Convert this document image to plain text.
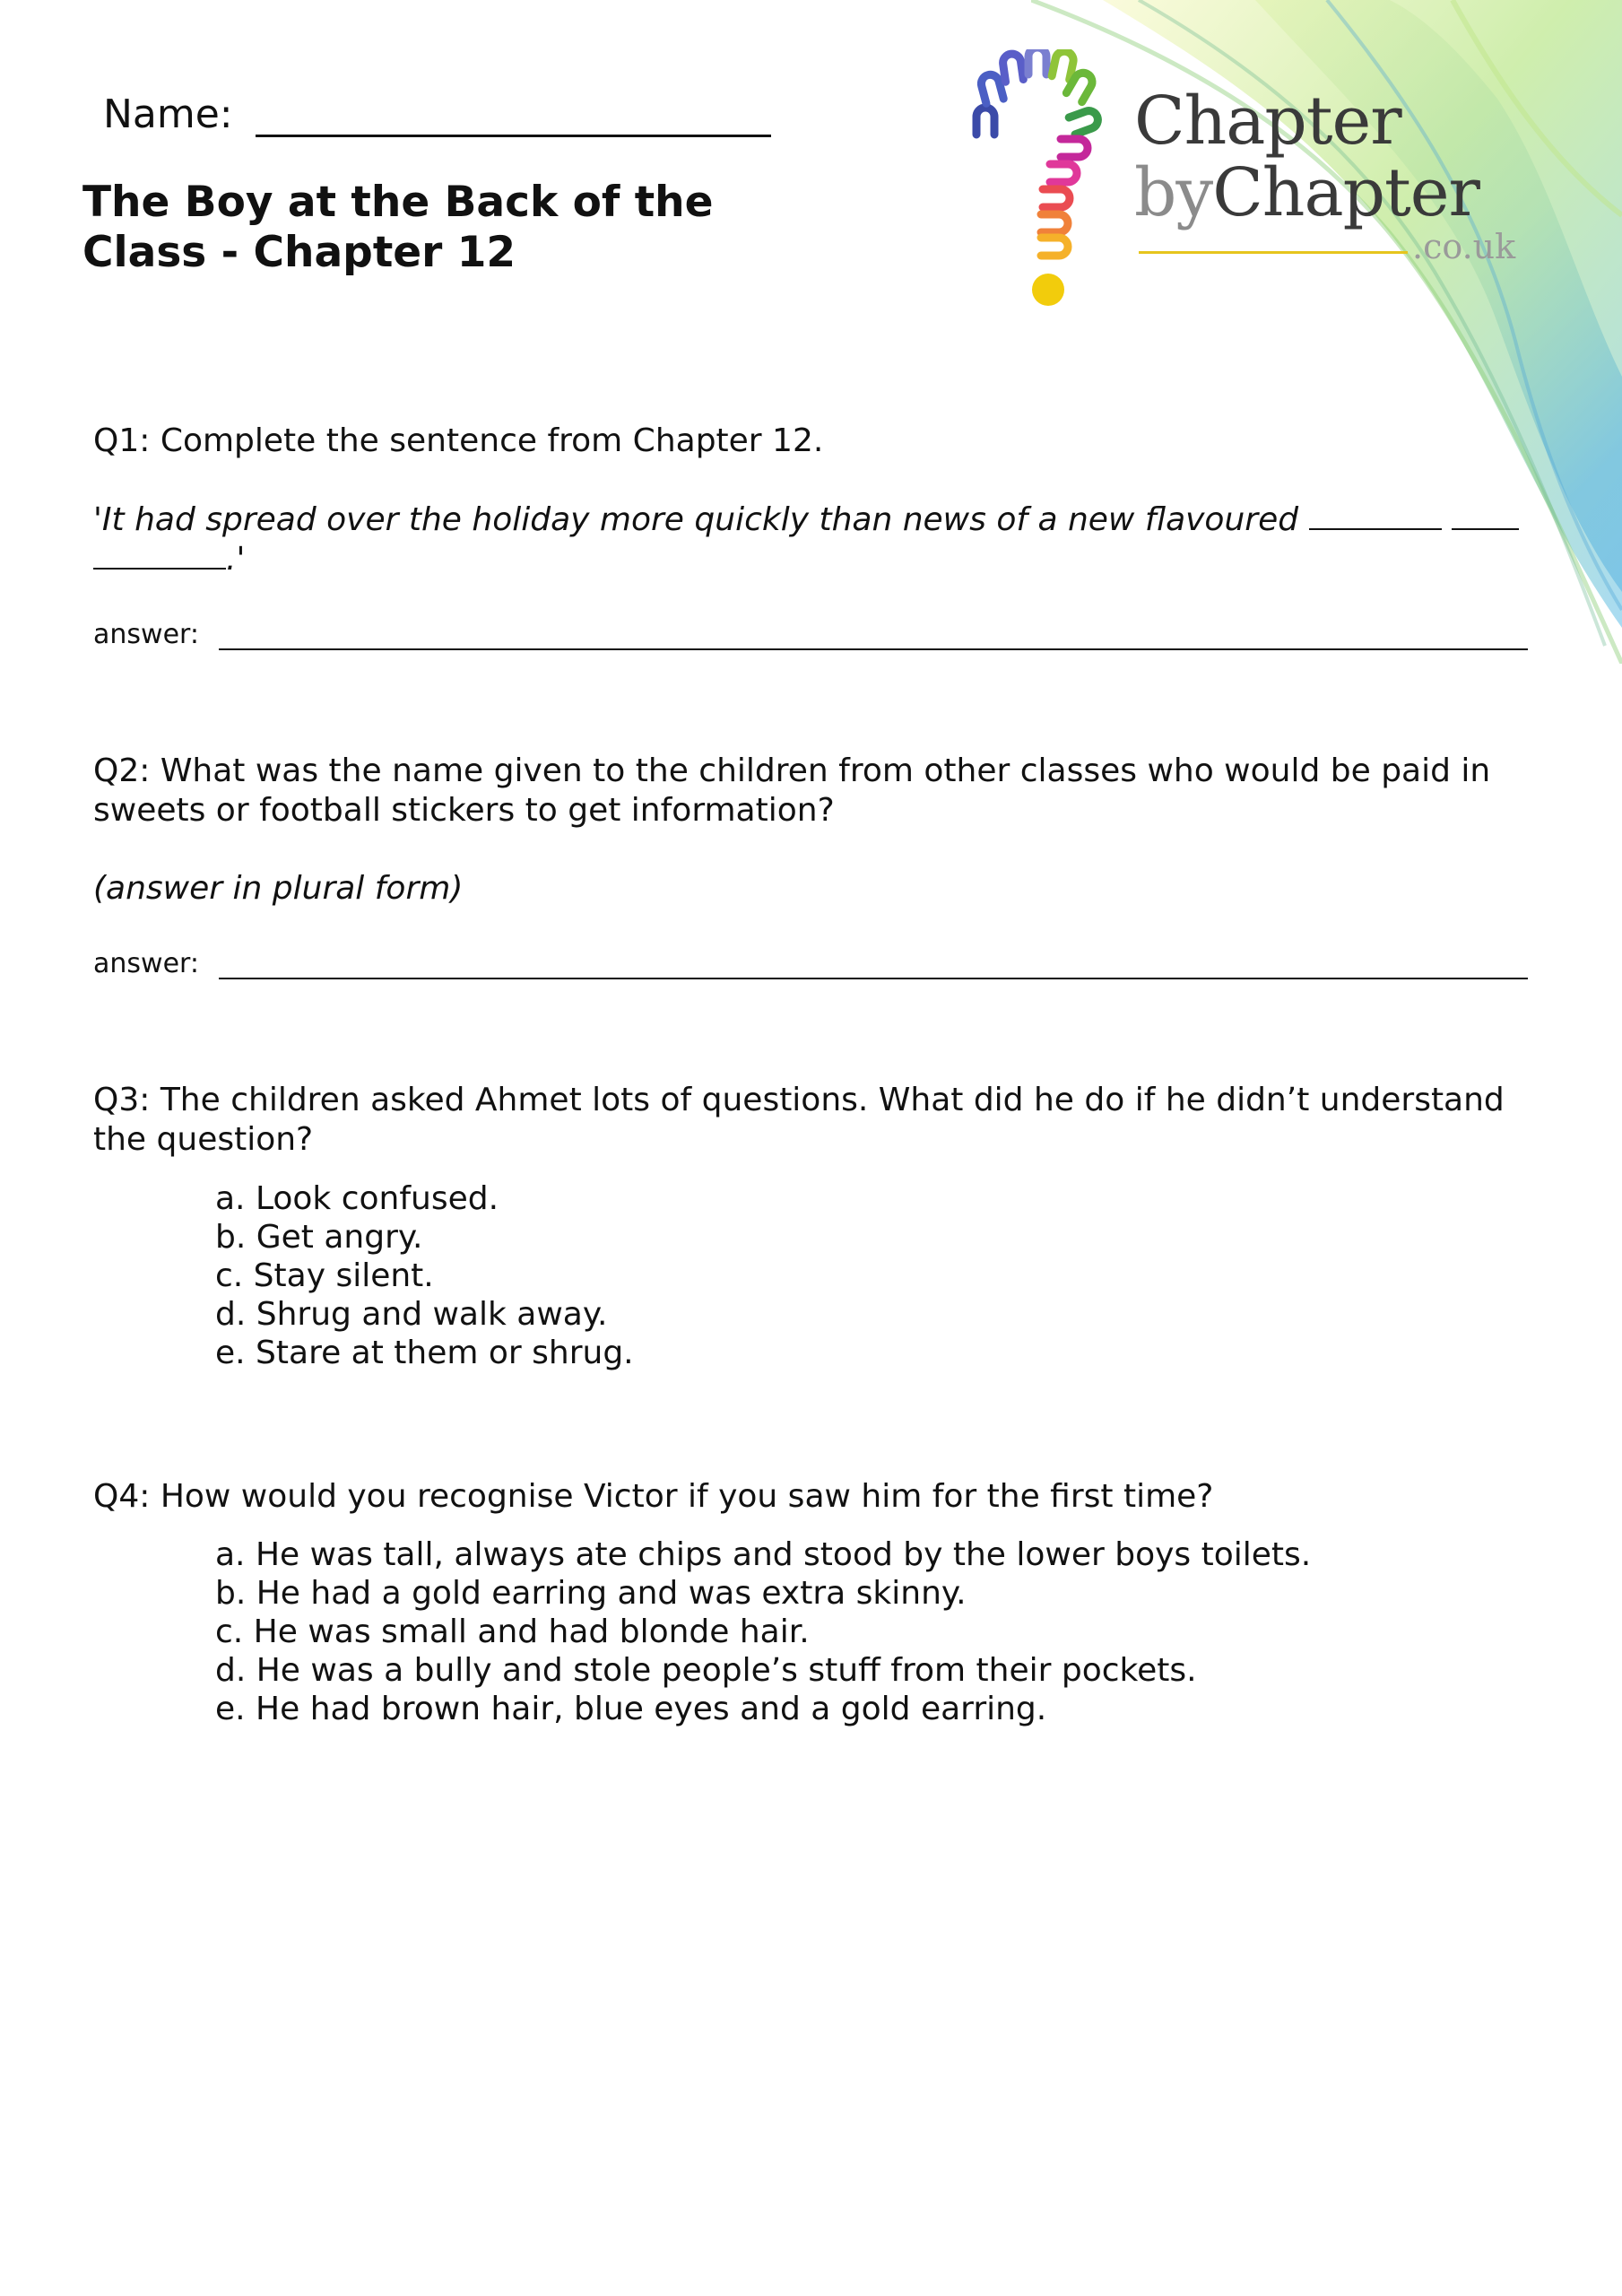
Chapter
byChapter
.co.uk
Name:
The Boy at the Back of the Class - Chapter 12

Q1: Complete the sentence from Chapter 12.

'It had spread over the holiday more quickly than news of a new flavoured
.'

answer:

Q2: What was the name given to the children from other classes who would be paid in sweets or football stickers to get information?

(answer in plural form)

answer:

Q3: The children asked Ahmet lots of questions. What did he do if he didn’t understand the question?

a. Look confused.
b. Get angry.
c. Stay silent.
d. Shrug and walk away.
e. Stare at them or shrug.

Q4: How would you recognise Victor if you saw him for the first time?

a. He was tall, always ate chips and stood by the lower boys toilets.
b. He had a gold earring and was extra skinny.
c. He was small and had blonde hair.
d. He was a bully and stole people’s stuff from their pockets.
e. He had brown hair, blue eyes and a gold earring.
